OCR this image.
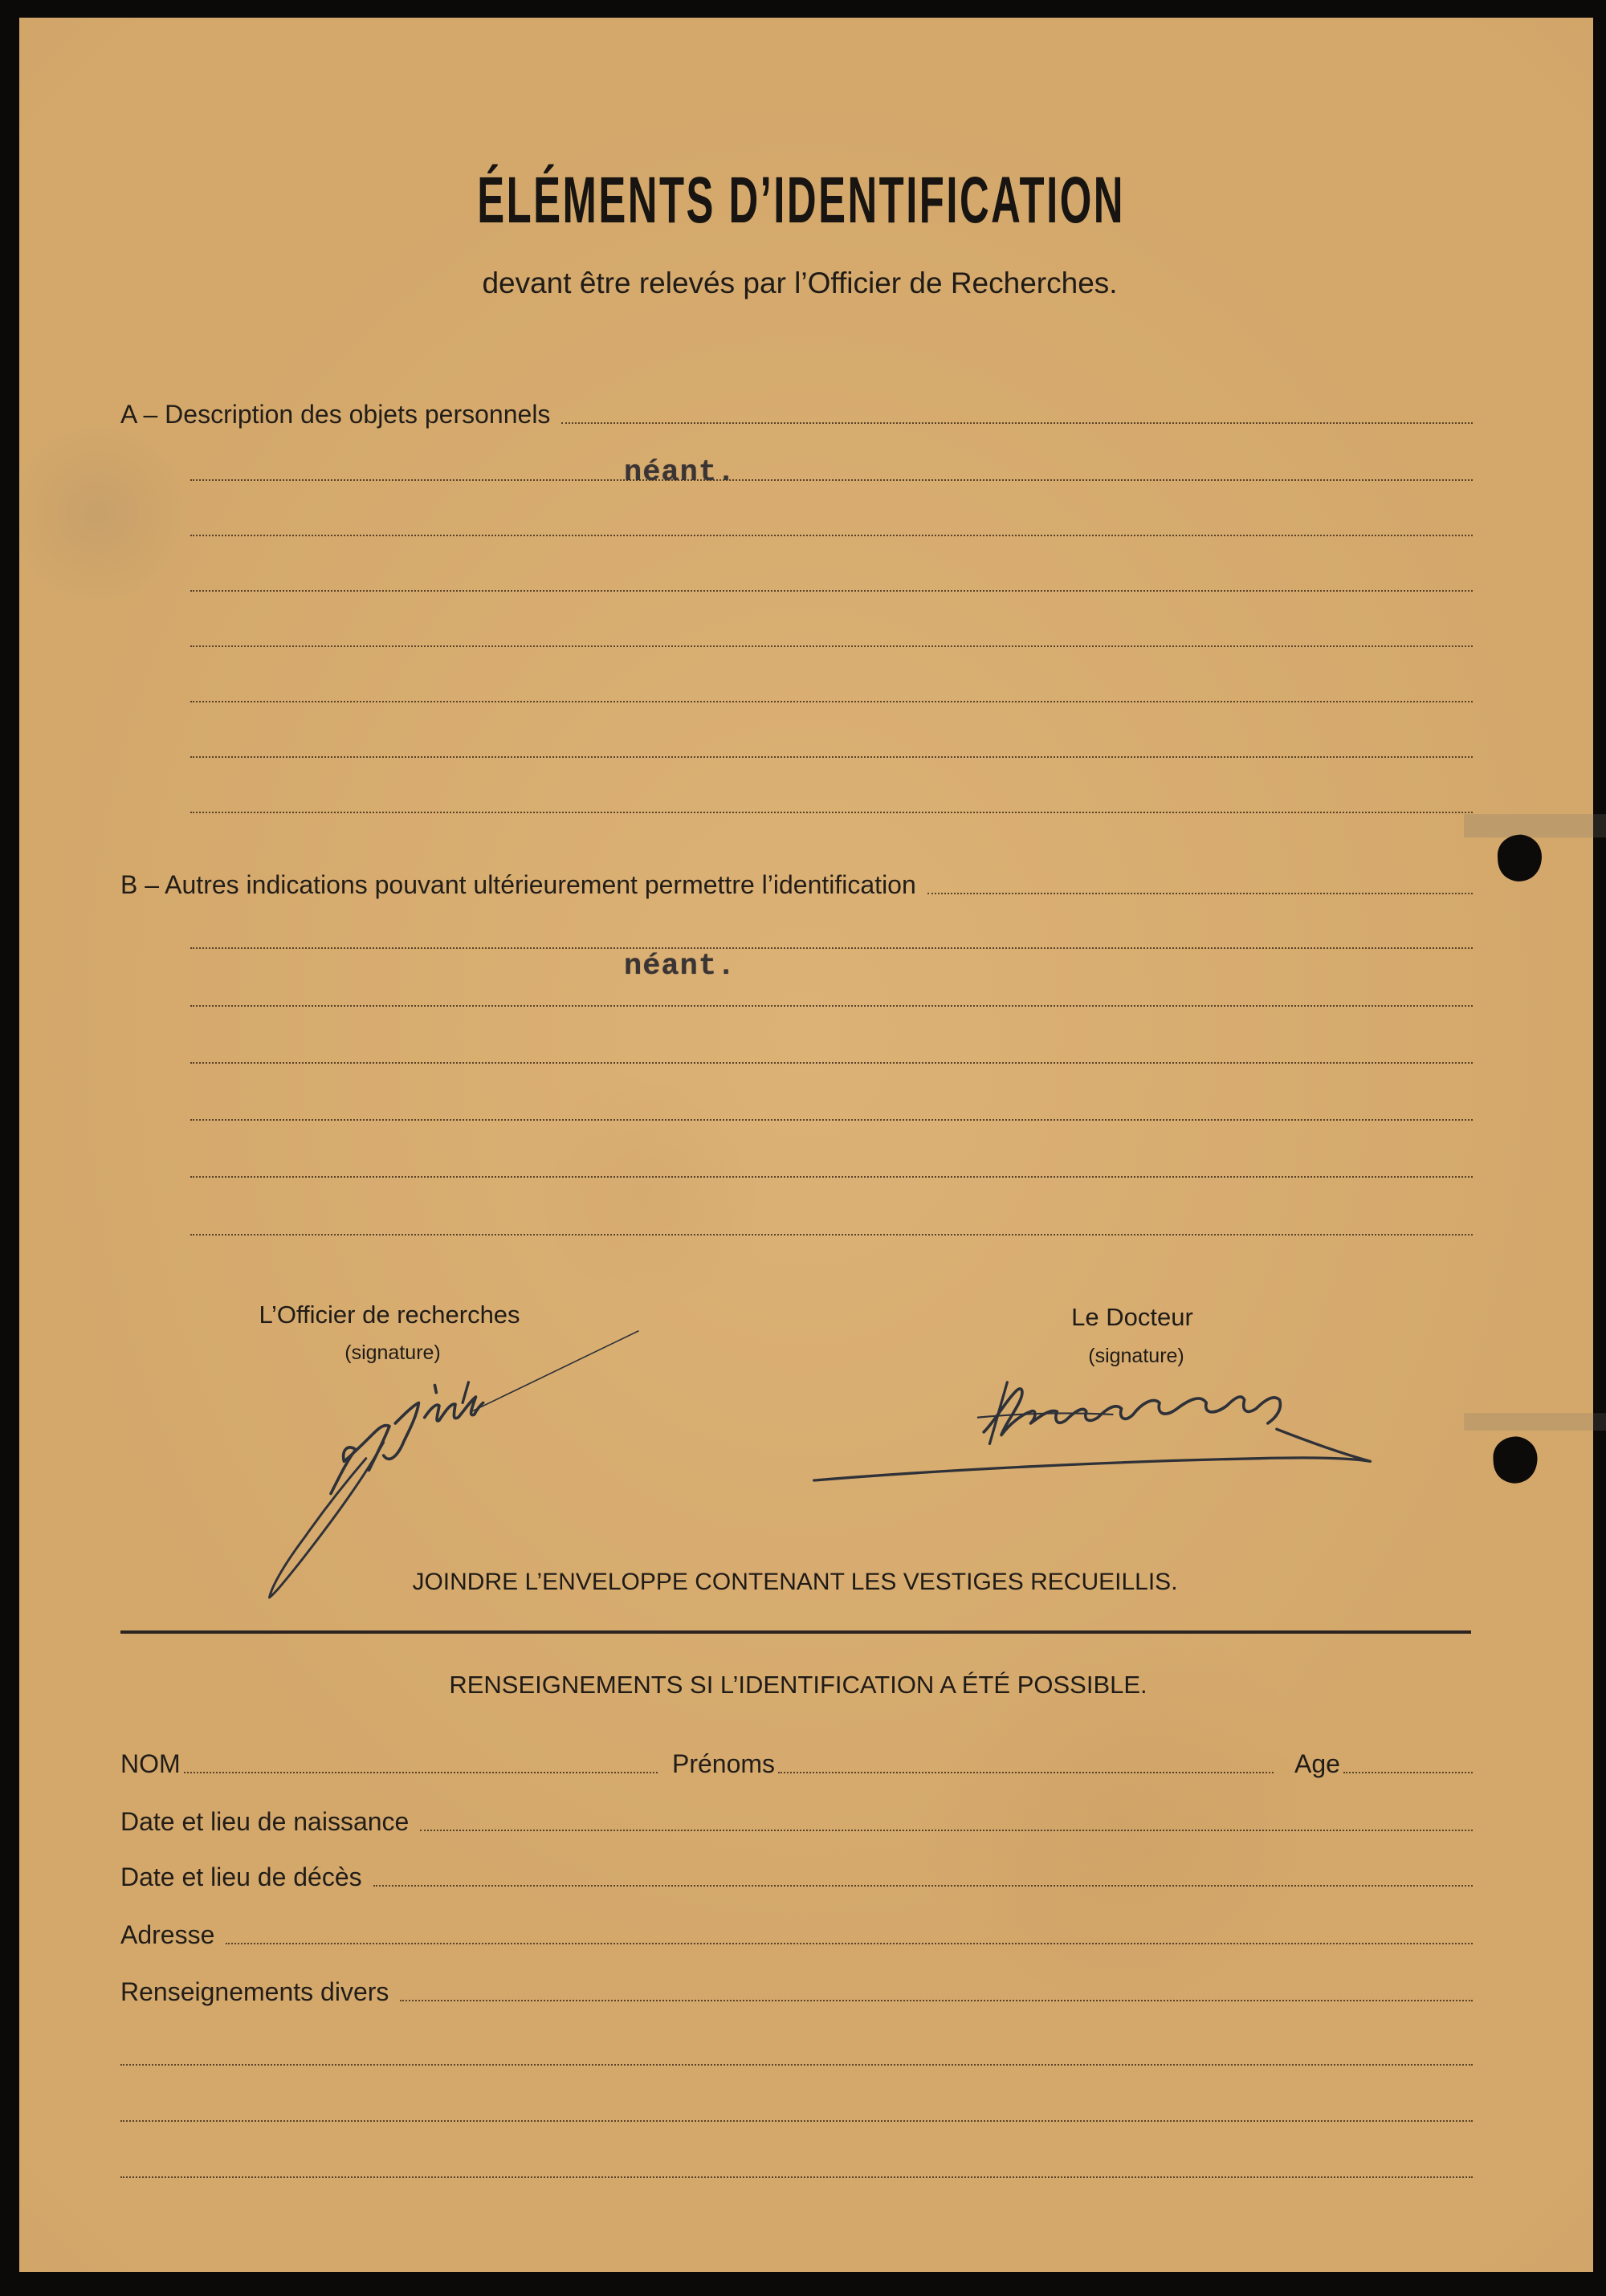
ÉLÉMENTS D’IDENTIFICATION
devant être relevés par l’Officier de Recherches.
A – Description des objets personnels
néant.
B – Autres indications pouvant ultérieurement permettre l’identification
néant.
L’Officier de recherches
(signature)
Le Docteur
(signature)
JOINDRE L’ENVELOPPE CONTENANT LES VESTIGES RECUEILLIS.
RENSEIGNEMENTS SI L’IDENTIFICATION A ÉTÉ POSSIBLE.
NOM	Prénoms	Age
Date et lieu de naissance
Date et lieu de décès
Adresse
Renseignements divers
